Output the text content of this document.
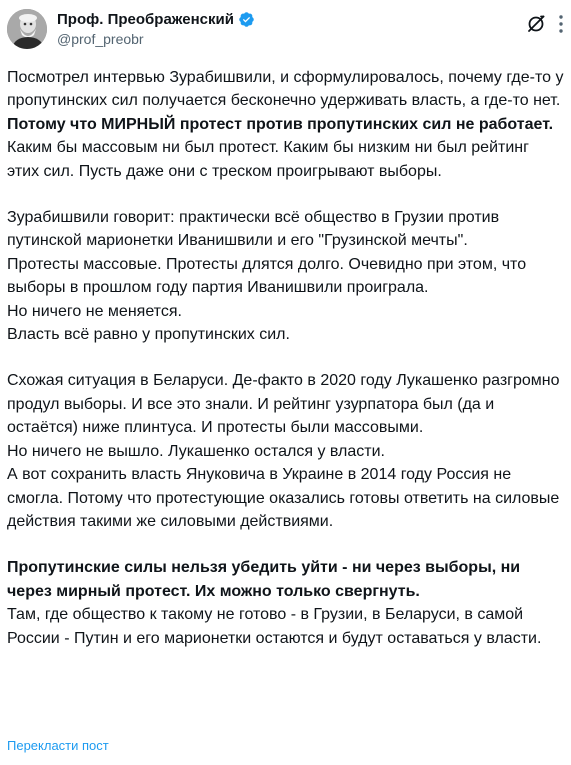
Проф. Преображенский
@prof_preobr

Посмотрел интервью Зурабишвили, и сформулировалось, почему где-то у пропутинских сил получается бесконечно удерживать власть, а где-то нет.

Потому что МИРНЫЙ протест против пропутинских сил не работает.

Каким бы массовым ни был протест. Каким бы низким ни был рейтинг этих сил. Пусть даже они с треском проигрывают выборы.

Зурабишвили говорит: практически всё общество в Грузии против путинской марионетки Иванишвили и его "Грузинской мечты".

Протесты массовые. Протесты длятся долго. Очевидно при этом, что выборы в прошлом году партия Иванишвили проиграла.

Но ничего не меняется.

Власть всё равно у пропутинских сил.

Схожая ситуация в Беларуси. Де-факто в 2020 году Лукашенко разгромно продул выборы. И все это знали. И рейтинг узурпатора был (да и остаётся) ниже плинтуса. И протесты были массовыми.

Но ничего не вышло. Лукашенко остался у власти.

А вот сохранить власть Януковича в Украине в 2014 году Россия не смогла. Потому что протестующие оказались готовы ответить на силовые действия такими же силовыми действиями.

Пропутинские силы нельзя убедить уйти - ни через выборы, ни через мирный протест. Их можно только свергнуть.

Там, где общество к такому не готово - в Грузии, в Беларуси, в самой России - Путин и его марионетки остаются и будут оставаться у власти.

Перекласти пост
